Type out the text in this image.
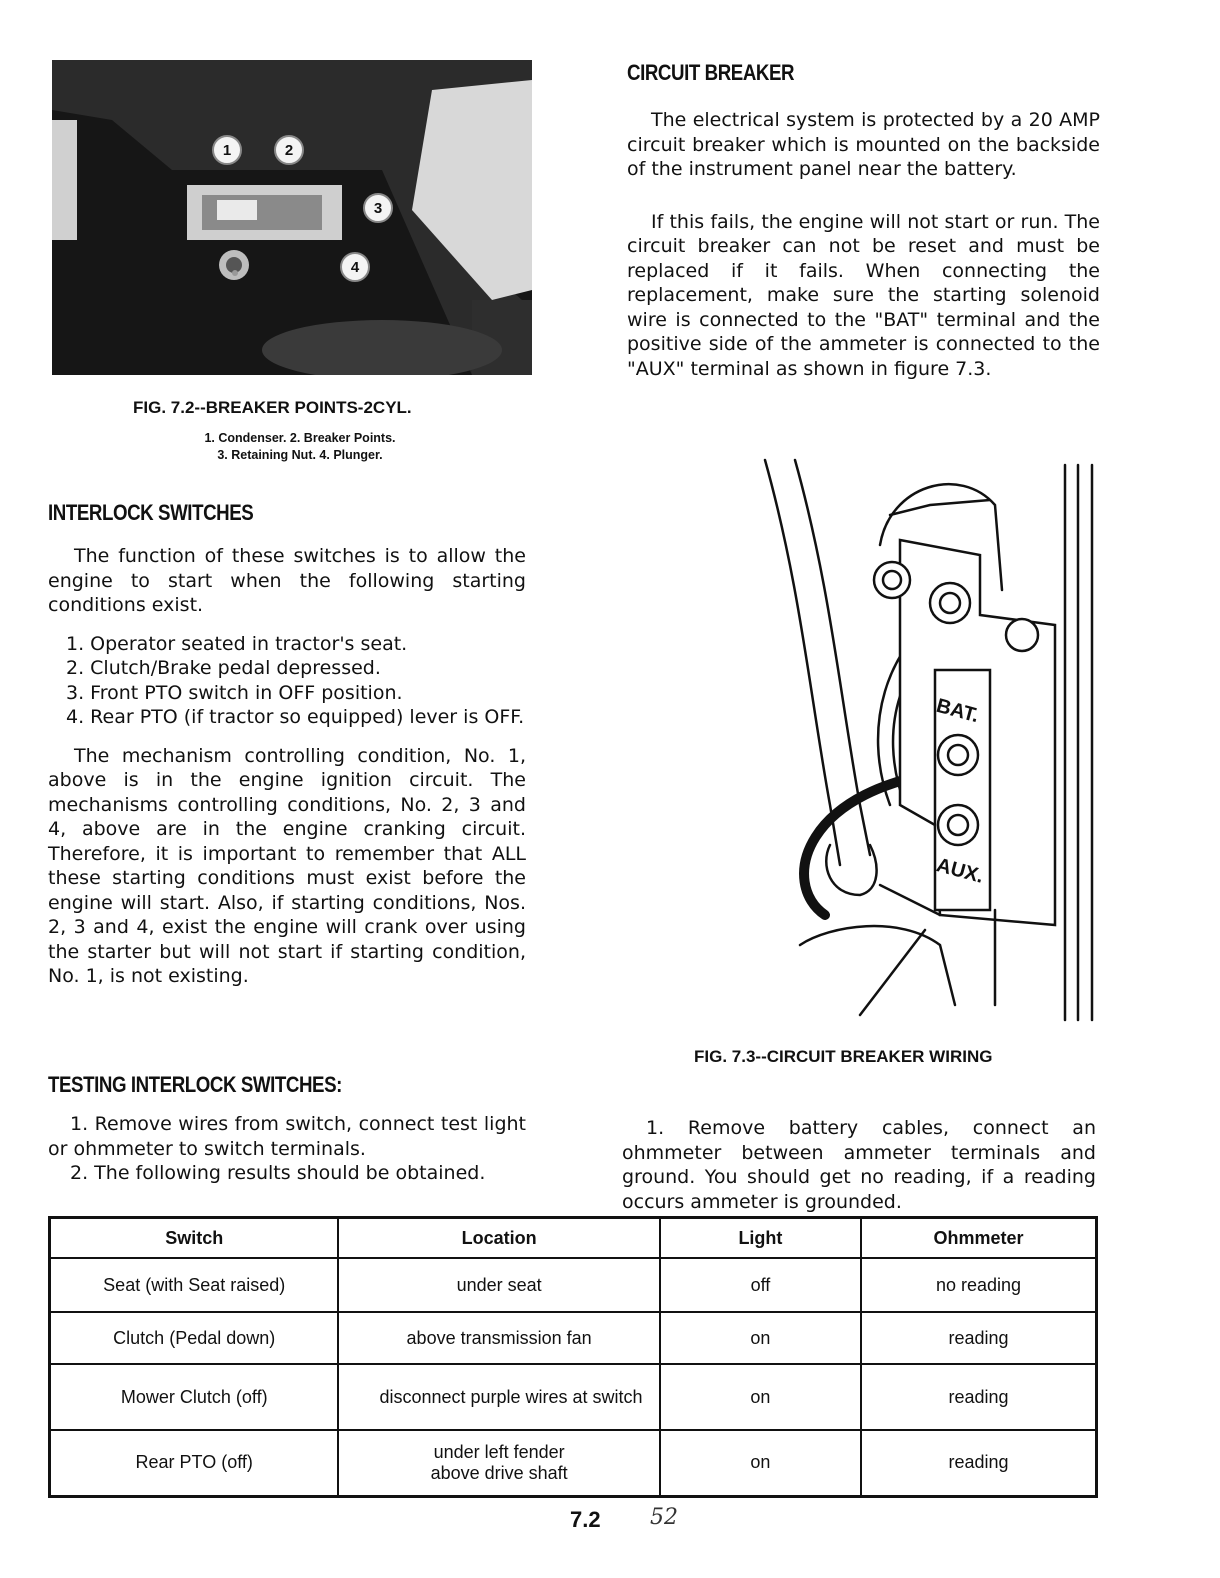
1	2
3
4
FIG. 7.2--BREAKER POINTS-2CYL.
1. Condenser. 2. Breaker Points.
3. Retaining Nut. 4. Plunger.
INTERLOCK SWITCHES

The function of these switches is to allow the engine to start when the following starting conditions exist.

1. Operator seated in tractor's seat.
2. Clutch/Brake pedal depressed.
3. Front PTO switch in OFF position.
4. Rear PTO (if tractor so equipped) lever is OFF.

The mechanism controlling condition, No. 1, above is in the engine ignition circuit. The mechanisms controlling conditions, No. 2, 3 and 4, above are in the engine cranking circuit. Therefore, it is important to remember that ALL these starting conditions must exist before the engine will start. Also, if starting conditions, Nos. 2, 3 and 4, exist the engine will crank over using the starter but will not start if starting condition, No. 1, is not existing.

TESTING INTERLOCK SWITCHES:

1. Remove wires from switch, connect test light or ohmmeter to switch terminals.

2. The following results should be obtained.

CIRCUIT BREAKER

The electrical system is protected by a 20 AMP circuit breaker which is mounted on the backside of the instrument panel near the battery.

If this fails, the engine will not start or run. The circuit breaker can not be reset and must be replaced if it fails. When connecting the replacement, make sure the starting solenoid wire is connected to the "BAT" terminal and the positive side of the ammeter is connected to the "AUX" terminal as shown in figure 7.3.

BAT.
AUX.
FIG. 7.3--CIRCUIT BREAKER WIRING

1. Remove battery cables, connect an ohmmeter between ammeter terminals and ground. You should get no reading, if a reading occurs ammeter is grounded.

Switch	Location	Light	Ohmmeter
Seat (with Seat raised)	under seat	off	no reading
Clutch (Pedal down)	above transmission fan	on	reading
Mower Clutch (off)	disconnect purple wires at switch	on	reading
Rear PTO (off)	under left fender above drive shaft	on	reading
7.2 52
